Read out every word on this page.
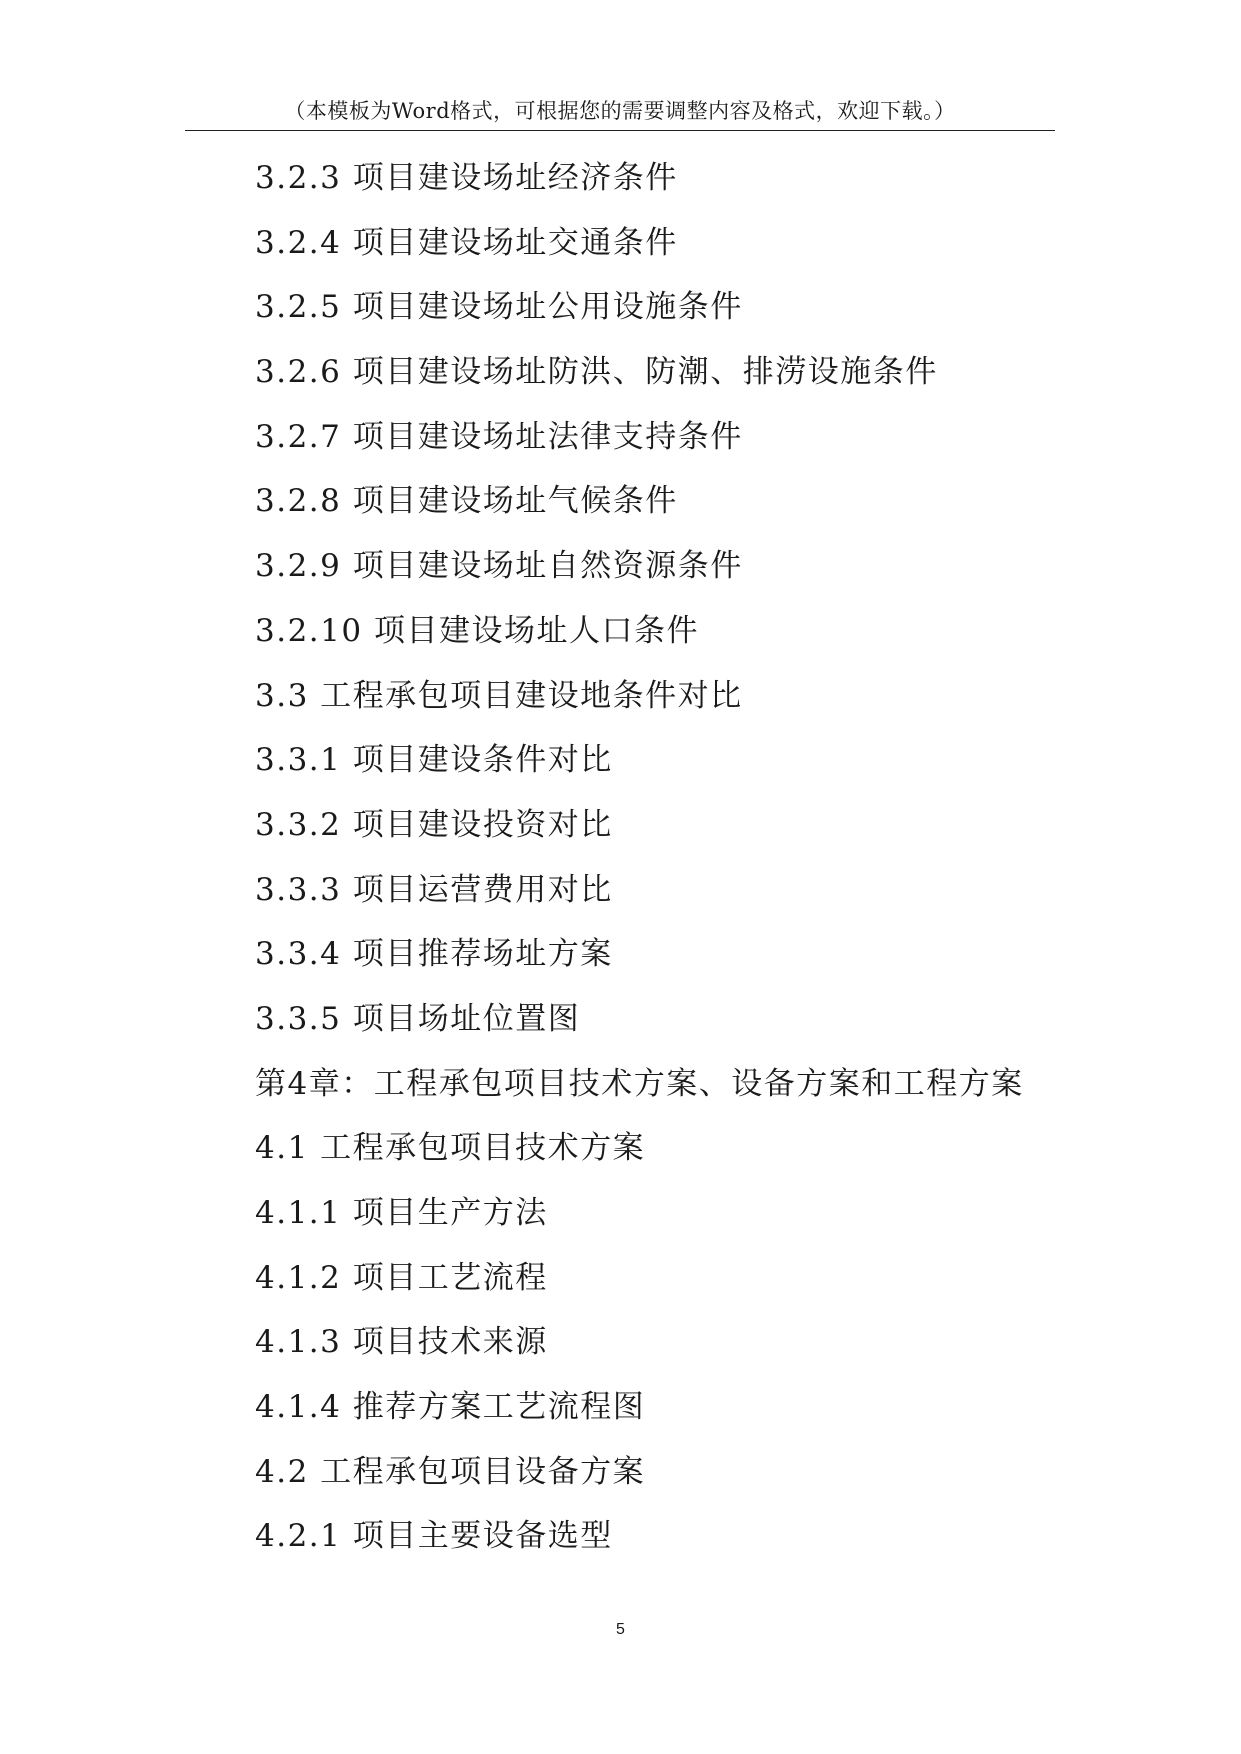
（本模板为Word格式，可根据您的需要调整内容及格式，欢迎下载。）
3.2.3 项目建设场址经济条件
3.2.4 项目建设场址交通条件
3.2.5 项目建设场址公用设施条件
3.2.6 项目建设场址防洪、防潮、排涝设施条件
3.2.7 项目建设场址法律支持条件
3.2.8 项目建设场址气候条件
3.2.9 项目建设场址自然资源条件
3.2.10 项目建设场址人口条件
3.3 工程承包项目建设地条件对比
3.3.1 项目建设条件对比
3.3.2 项目建设投资对比
3.3.3 项目运营费用对比
3.3.4 项目推荐场址方案
3.3.5 项目场址位置图
第4章：工程承包项目技术方案、设备方案和工程方案
4.1 工程承包项目技术方案
4.1.1 项目生产方法
4.1.2 项目工艺流程
4.1.3 项目技术来源
4.1.4 推荐方案工艺流程图
4.2 工程承包项目设备方案
4.2.1 项目主要设备选型
5
